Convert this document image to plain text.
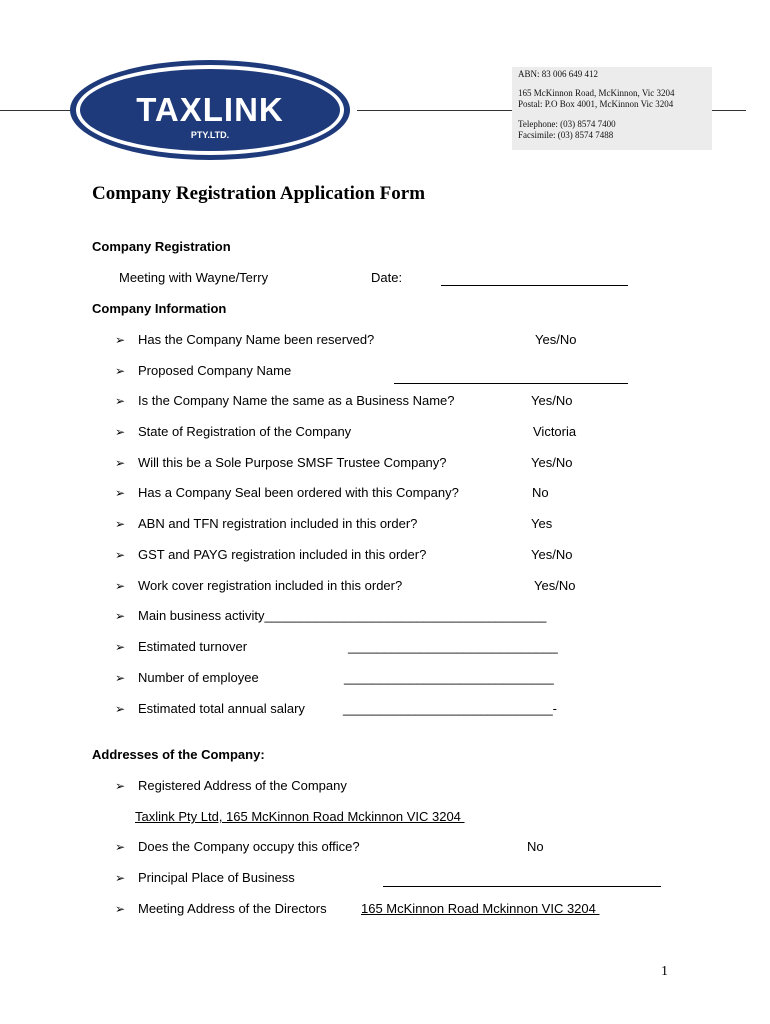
TAXLINK
PTY.LTD.
ABN: 83 006 649 412
165 McKinnon Road, McKinnon, Vic 3204
Postal: P.O Box 4001, McKinnon Vic 3204
Telephone: (03) 8574 7400
Facsimile: (03) 8574 7488
Company Registration Application Form
Company Registration
Meeting with Wayne/Terry	Date:
Company Information
➢ Has the Company Name been reserved?	Yes/No
➢ Proposed Company Name
➢ Is the Company Name the same as a Business Name?	Yes/No
➢ State of Registration of the Company	Victoria
➢ Will this be a Sole Purpose SMSF Trustee Company?	Yes/No
➢ Has a Company Seal been ordered with this Company?	No
➢ ABN and TFN registration included in this order?	Yes
➢ GST and PAYG registration included in this order?	Yes/No
➢ Work cover registration included in this order?	Yes/No
➢ Main business activity_______________________________________
➢ Estimated turnover	_____________________________
➢ Number of employee	_____________________________
➢ Estimated total annual salary	_____________________________-
Addresses of the Company:
➢ Registered Address of the Company
Taxlink Pty Ltd, 165 McKinnon Road Mckinnon VIC 3204
➢ Does the Company occupy this office?	No
➢ Principal Place of Business
➢ Meeting Address of the Directors	165 McKinnon Road Mckinnon VIC 3204
1
